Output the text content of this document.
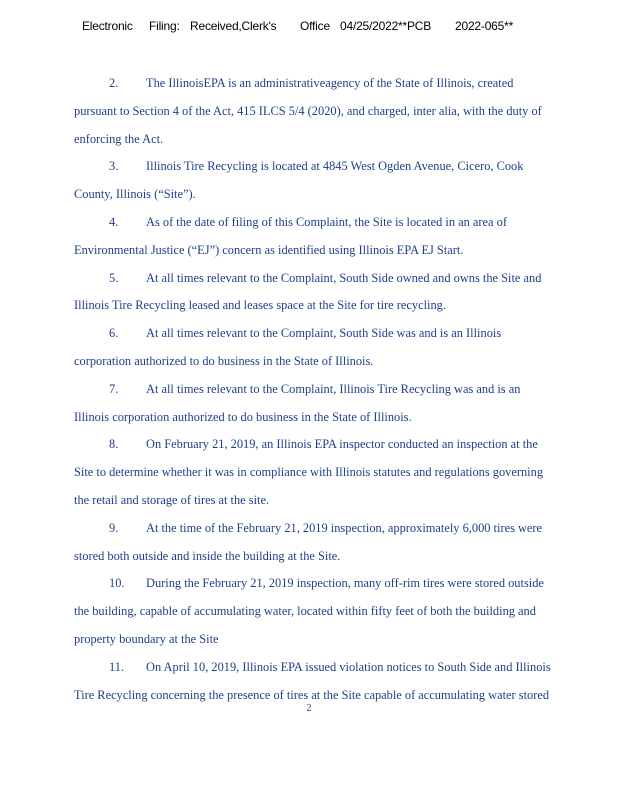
Electronic Filing: Received,Clerk's Office 04/25/2022**PCB 2022-065**

2. The IllinoisEPA is an administrativeagency of the State of Illinois, created pursuant to Section 4 of the Act, 415 ILCS 5/4 (2020), and charged, inter alia, with the duty of enforcing the Act.

3. Illinois Tire Recycling is located at 4845 West Ogden Avenue, Cicero, Cook County, Illinois (“Site”).

4. As of the date of filing of this Complaint, the Site is located in an area of Environmental Justice (“EJ”) concern as identified using Illinois EPA EJ Start.

5. At all times relevant to the Complaint, South Side owned and owns the Site and Illinois Tire Recycling leased and leases space at the Site for tire recycling.

6. At all times relevant to the Complaint, South Side was and is an Illinois corporation authorized to do business in the State of Illinois.

7. At all times relevant to the Complaint, Illinois Tire Recycling was and is an Illinois corporation authorized to do business in the State of Illinois.

8. On February 21, 2019, an Illinois EPA inspector conducted an inspection at the Site to determine whether it was in compliance with Illinois statutes and regulations governing the retail and storage of tires at the site.

9. At the time of the February 21, 2019 inspection, approximately 6,000 tires were stored both outside and inside the building at the Site.

10. During the February 21, 2019 inspection, many off-rim tires were stored outside the building, capable of accumulating water, located within fifty feet of both the building and property boundary at the Site

11. On April 10, 2019, Illinois EPA issued violation notices to South Side and Illinois Tire Recycling concerning the presence of tires at the Site capable of accumulating water stored

2
